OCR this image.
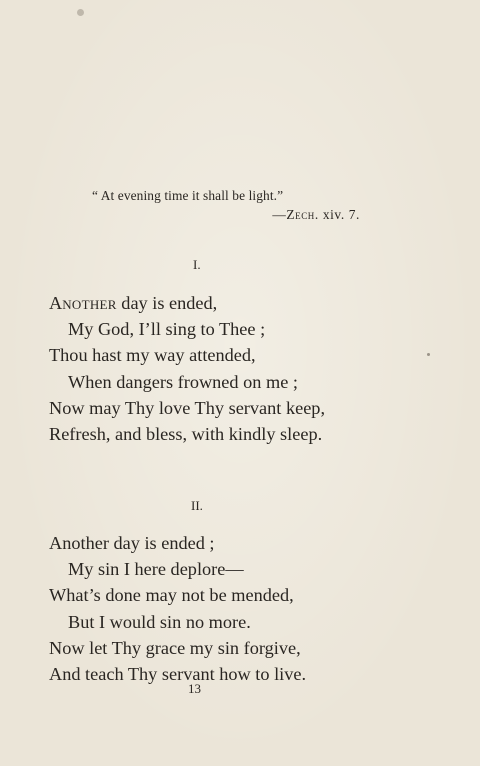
“ At evening time it shall be light.”
—Zech. xiv. 7.
I.
Another day is ended,
My God, I’ll sing to Thee ;
Thou hast my way attended,
When dangers frowned on me ;
Now may Thy love Thy servant keep,
Refresh, and bless, with kindly sleep.
II.
Another day is ended ;
My sin I here deplore—
What’s done may not be mended,
But I would sin no more.
Now let Thy grace my sin forgive,
And teach Thy servant how to live.
13
